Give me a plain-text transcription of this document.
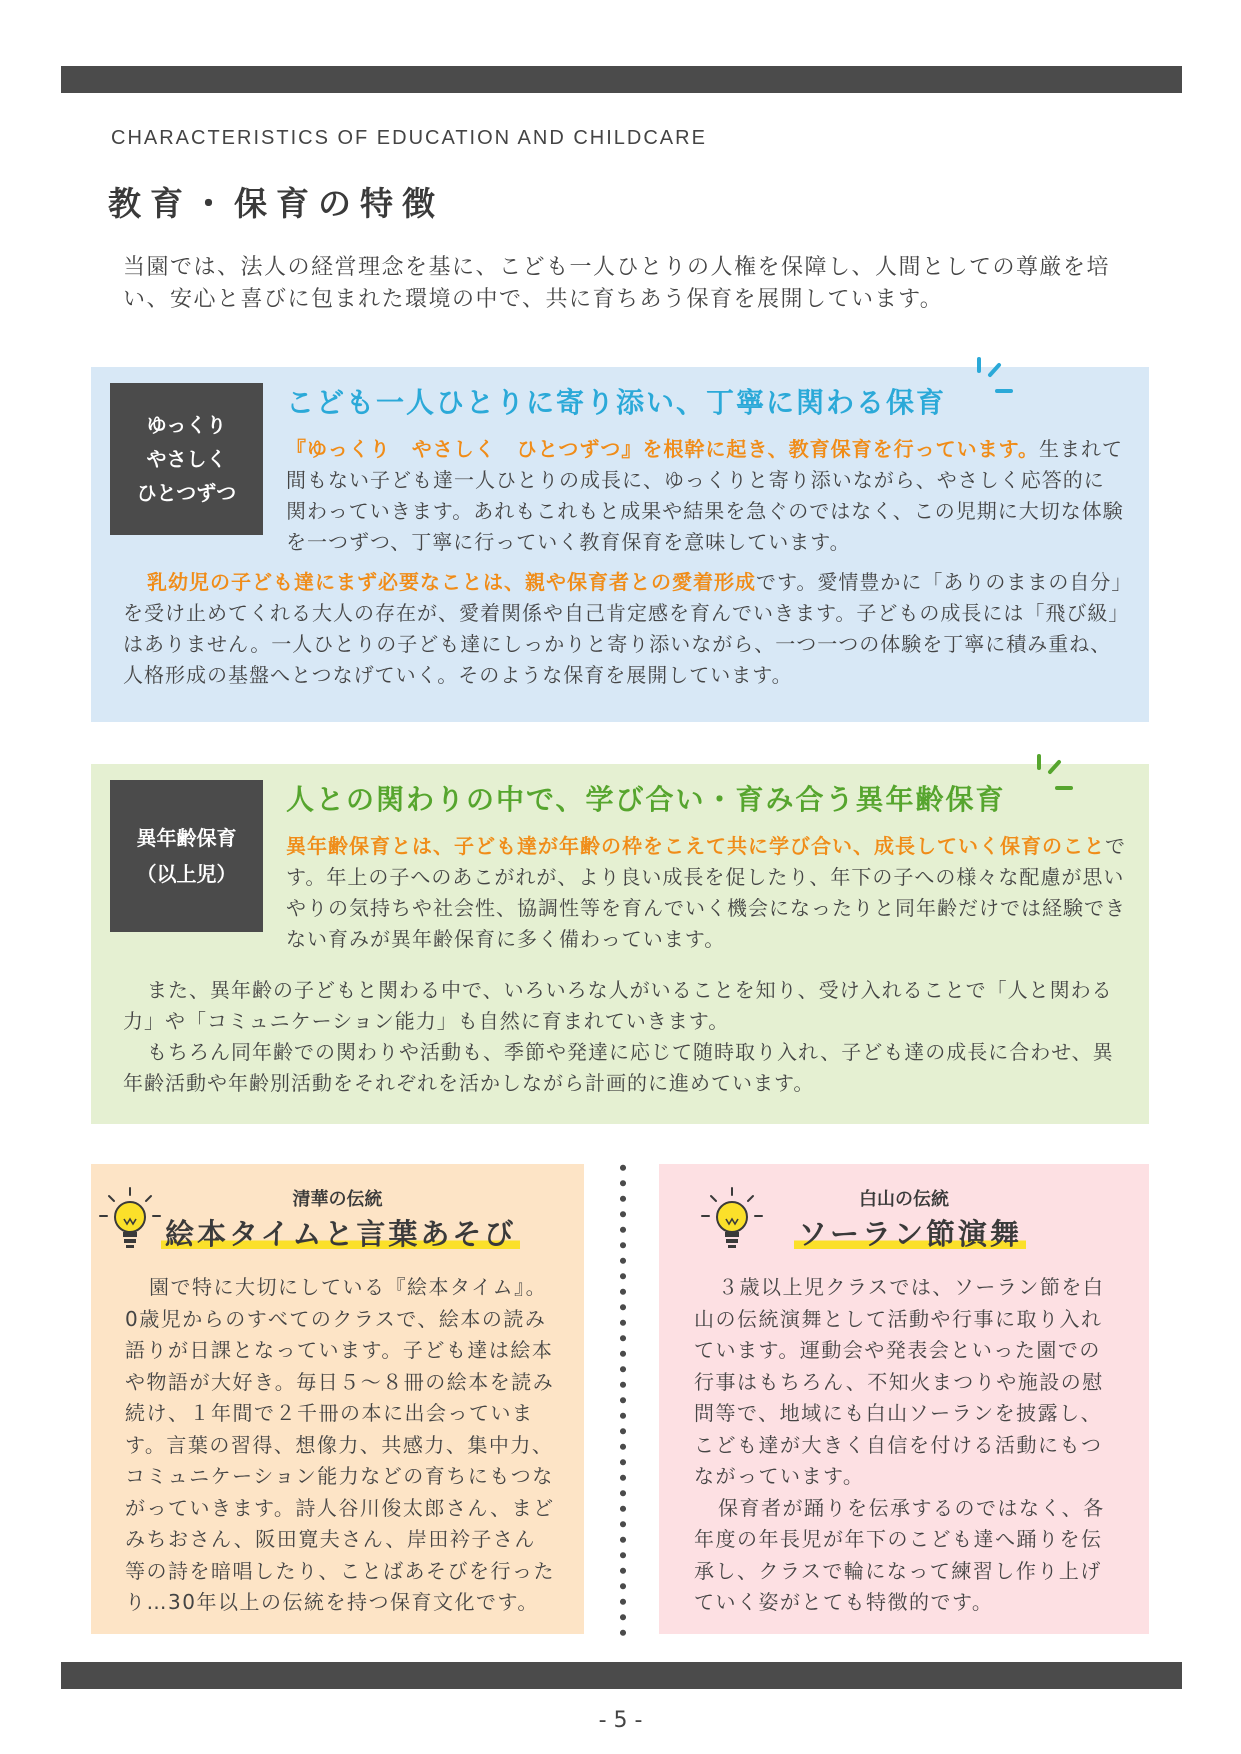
CHARACTERISTICS OF EDUCATION AND CHILDCARE
教育・保育の特徴

当園では、法人の経営理念を基に、こども一人ひとりの人権を保障し、人間としての尊厳を培い、安心と喜びに包まれた環境の中で、共に育ちあう保育を展開しています。

ゆっくり
やさしく
ひとつずつ
こども一人ひとりに寄り添い、丁寧に関わる保育

『ゆっくり　やさしく　ひとつずつ』を根幹に起き、教育保育を行っています。生まれて間もない子ども達一人ひとりの成長に、ゆっくりと寄り添いながら、やさしく応答的に関わっていきます。あれもこれもと成果や結果を急ぐのではなく、この児期に大切な体験を一つずつ、丁寧に行っていく教育保育を意味しています。

乳幼児の子ども達にまず必要なことは、親や保育者との愛着形成です。愛情豊かに「ありのままの自分」を受け止めてくれる大人の存在が、愛着関係や自己肯定感を育んでいきます。子どもの成長には「飛び級」はありません。一人ひとりの子ども達にしっかりと寄り添いながら、一つ一つの体験を丁寧に積み重ね、人格形成の基盤へとつなげていく。そのような保育を展開しています。

異年齢保育
（以上児）
人との関わりの中で、学び合い・育み合う異年齢保育

異年齢保育とは、子ども達が年齢の枠をこえて共に学び合い、成長していく保育のことです。年上の子へのあこがれが、より良い成長を促したり、年下の子への様々な配慮が思いやりの気持ちや社会性、協調性等を育んでいく機会になったりと同年齢だけでは経験できない育みが異年齢保育に多く備わっています。

また、異年齢の子どもと関わる中で、いろいろな人がいることを知り、受け入れることで「人と関わる力」や「コミュニケーション能力」も自然に育まれていきます。

もちろん同年齢での関わりや活動も、季節や発達に応じて随時取り入れ、子ども達の成長に合わせ、異年齢活動や年齢別活動をそれぞれを活かしながら計画的に進めています。

清華の伝統
絵本タイムと言葉あそび

園で特に大切にしている『絵本タイム』。0歳児からのすべてのクラスで、絵本の読み語りが日課となっています。子ども達は絵本や物語が大好き。毎日５～８冊の絵本を読み続け、１年間で２千冊の本に出会っています。言葉の習得、想像力、共感力、集中力、コミュニケーション能力などの育ちにもつながっていきます。詩人谷川俊太郎さん、まどみちおさん、阪田寛夫さん、岸田衿子さん等の詩を暗唱したり、ことばあそびを行ったり…30年以上の伝統を持つ保育文化です。

白山の伝統
ソーラン節演舞

３歳以上児クラスでは、ソーラン節を白山の伝統演舞として活動や行事に取り入れています。運動会や発表会といった園での行事はもちろん、不知火まつりや施設の慰問等で、地域にも白山ソーランを披露し、こども達が大きく自信を付ける活動にもつながっています。
保育者が踊りを伝承するのではなく、各年度の年長児が年下のこども達へ踊りを伝承し、クラスで輪になって練習し作り上げていく姿がとても特徴的です。

- 5 -
